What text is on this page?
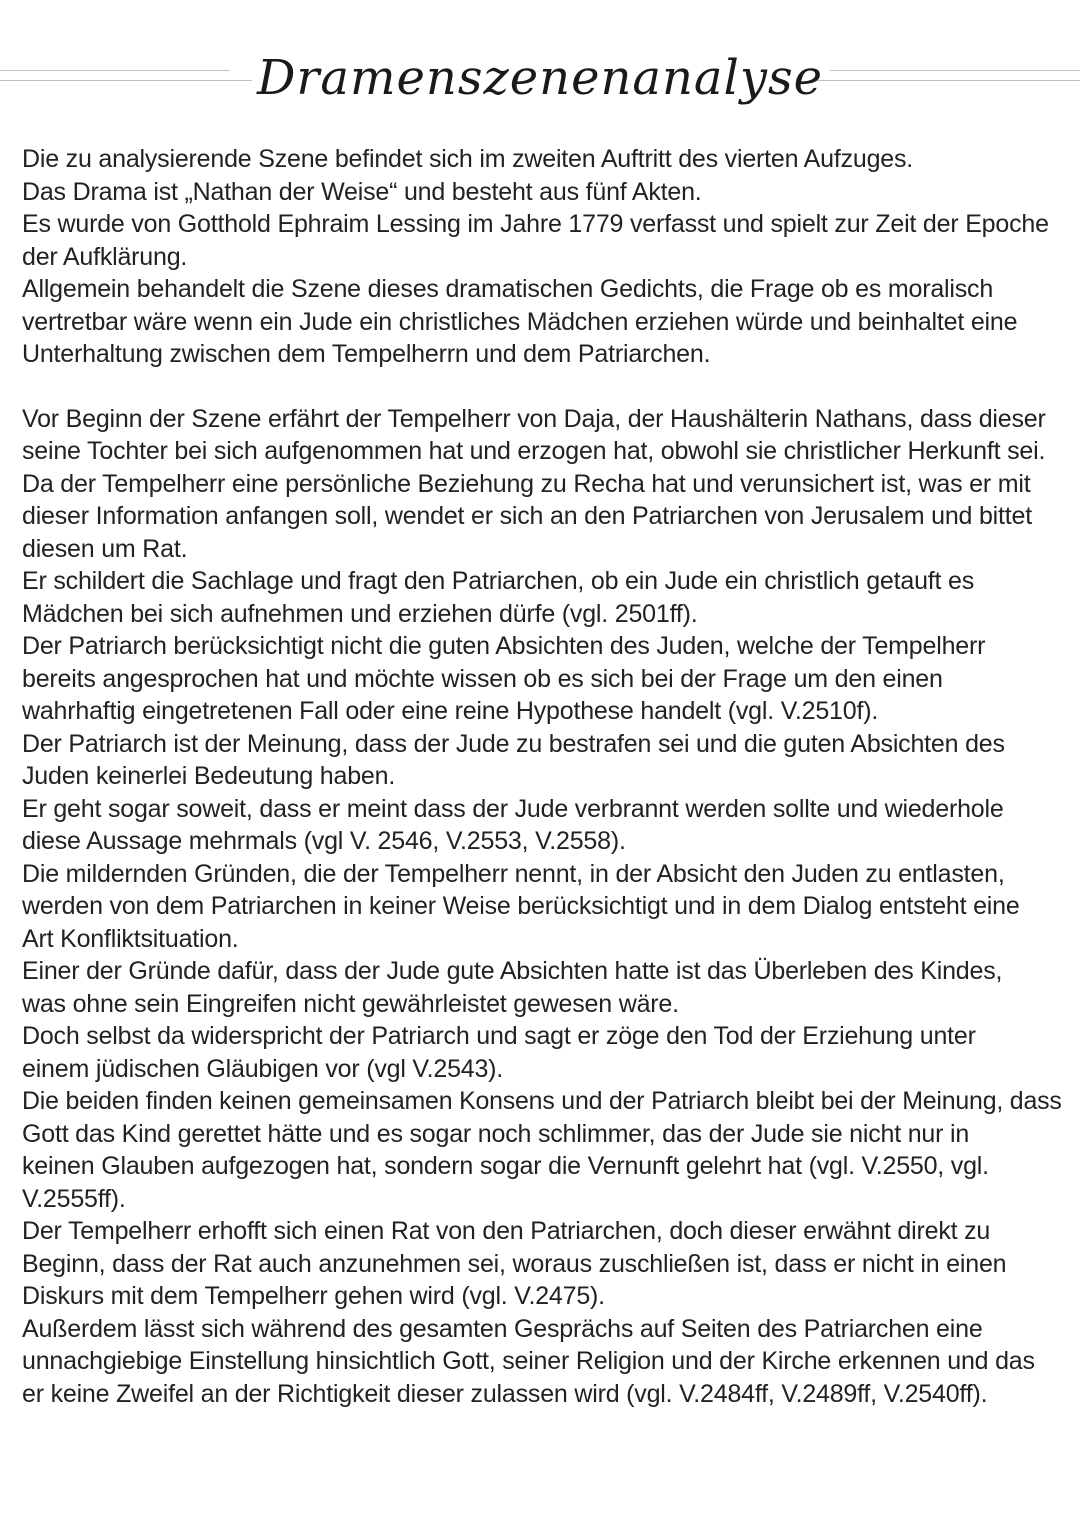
Dramenszenenanalyse
Die zu analysierende Szene befindet sich im zweiten Auftritt des vierten Aufzuges.
Das Drama ist „Nathan der Weise“ und besteht aus fünf Akten.
Es wurde von Gotthold Ephraim Lessing im Jahre 1779 verfasst und spielt zur Zeit der Epoche
der Aufklärung.
Allgemein behandelt die Szene dieses dramatischen Gedichts, die Frage ob es moralisch
vertretbar wäre wenn ein Jude ein christliches Mädchen erziehen würde und beinhaltet eine
Unterhaltung zwischen dem Tempelherrn und dem Patriarchen.
Vor Beginn der Szene erfährt der Tempelherr von Daja, der Haushälterin Nathans, dass dieser
seine Tochter bei sich aufgenommen hat und erzogen hat, obwohl sie christlicher Herkunft sei.
Da der Tempelherr eine persönliche Beziehung zu Recha hat und verunsichert ist, was er mit
dieser Information anfangen soll, wendet er sich an den Patriarchen von Jerusalem und bittet
diesen um Rat.
Er schildert die Sachlage und fragt den Patriarchen, ob ein Jude ein christlich getauft es
Mädchen bei sich aufnehmen und erziehen dürfe (vgl. 2501ff).
Der Patriarch berücksichtigt nicht die guten Absichten des Juden, welche der Tempelherr
bereits angesprochen hat und möchte wissen ob es sich bei der Frage um den einen
wahrhaftig eingetretenen Fall oder eine reine Hypothese handelt (vgl. V.2510f).
Der Patriarch ist der Meinung, dass der Jude zu bestrafen sei und die guten Absichten des
Juden keinerlei Bedeutung haben.
Er geht sogar soweit, dass er meint dass der Jude verbrannt werden sollte und wiederhole
diese Aussage mehrmals (vgl V. 2546, V.2553, V.2558).
Die mildernden Gründen, die der Tempelherr nennt, in der Absicht den Juden zu entlasten,
werden von dem Patriarchen in keiner Weise berücksichtigt und in dem Dialog entsteht eine
Art Konfliktsituation.
Einer der Gründe dafür, dass der Jude gute Absichten hatte ist das Überleben des Kindes,
was ohne sein Eingreifen nicht gewährleistet gewesen wäre.
Doch selbst da widerspricht der Patriarch und sagt er zöge den Tod der Erziehung unter
einem jüdischen Gläubigen vor (vgl V.2543).
Die beiden finden keinen gemeinsamen Konsens und der Patriarch bleibt bei der Meinung, dass
Gott das Kind gerettet hätte und es sogar noch schlimmer, das der Jude sie nicht nur in
keinen Glauben aufgezogen hat, sondern sogar die Vernunft gelehrt hat (vgl. V.2550, vgl.
V.2555ff).
Der Tempelherr erhofft sich einen Rat von den Patriarchen, doch dieser erwähnt direkt zu
Beginn, dass der Rat auch anzunehmen sei, woraus zuschließen ist, dass er nicht in einen
Diskurs mit dem Tempelherr gehen wird (vgl. V.2475).
Außerdem lässt sich während des gesamten Gesprächs auf Seiten des Patriarchen eine
unnachgiebige Einstellung hinsichtlich Gott, seiner Religion und der Kirche erkennen und das
er keine Zweifel an der Richtigkeit dieser zulassen wird (vgl. V.2484ff, V.2489ff, V.2540ff).
